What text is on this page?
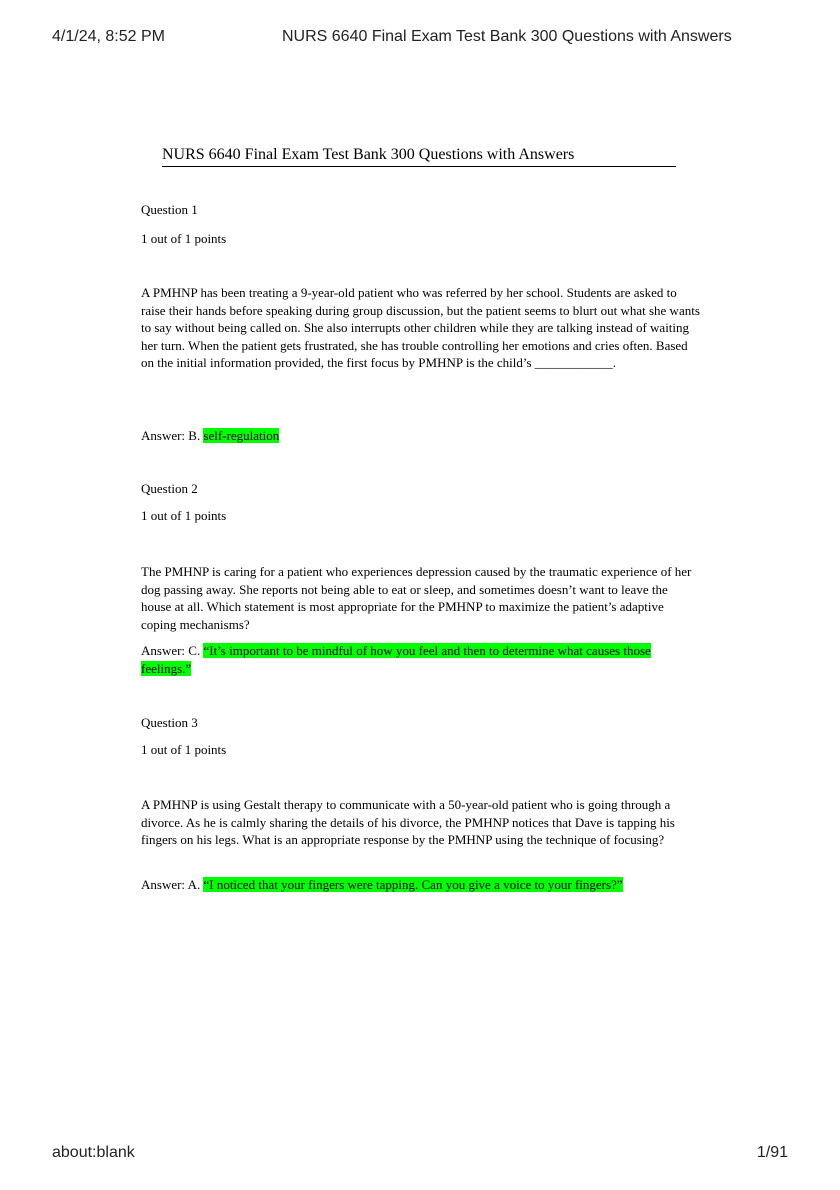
4/1/24, 8:52 PM	NURS 6640 Final Exam Test Bank 300 Questions with Answers
NURS 6640 Final Exam Test Bank 300 Questions with Answers
Question 1
1 out of 1 points
A PMHNP has been treating a 9-year-old patient who was referred by her school. Students are asked to raise their hands before speaking during group discussion, but the patient seems to blurt out what she wants to say without being called on. She also interrupts other children while they are talking instead of waiting her turn. When the patient gets frustrated, she has trouble controlling her emotions and cries often. Based on the initial information provided, the first focus by PMHNP is the child’s ____________.
Answer: B. self-regulation
Question 2
1 out of 1 points
The PMHNP is caring for a patient who experiences depression caused by the traumatic experience of her dog passing away. She reports not being able to eat or sleep, and sometimes doesn’t want to leave the house at all. Which statement is most appropriate for the PMHNP to maximize the patient’s adaptive coping mechanisms?
Answer: C. “It’s important to be mindful of how you feel and then to determine what causes those feelings.”
Question 3
1 out of 1 points
A PMHNP is using Gestalt therapy to communicate with a 50-year-old patient who is going through a divorce. As he is calmly sharing the details of his divorce, the PMHNP notices that Dave is tapping his fingers on his legs. What is an appropriate response by the PMHNP using the technique of focusing?
Answer: A. “I noticed that your fingers were tapping. Can you give a voice to your fingers?”
about:blank	1/91
